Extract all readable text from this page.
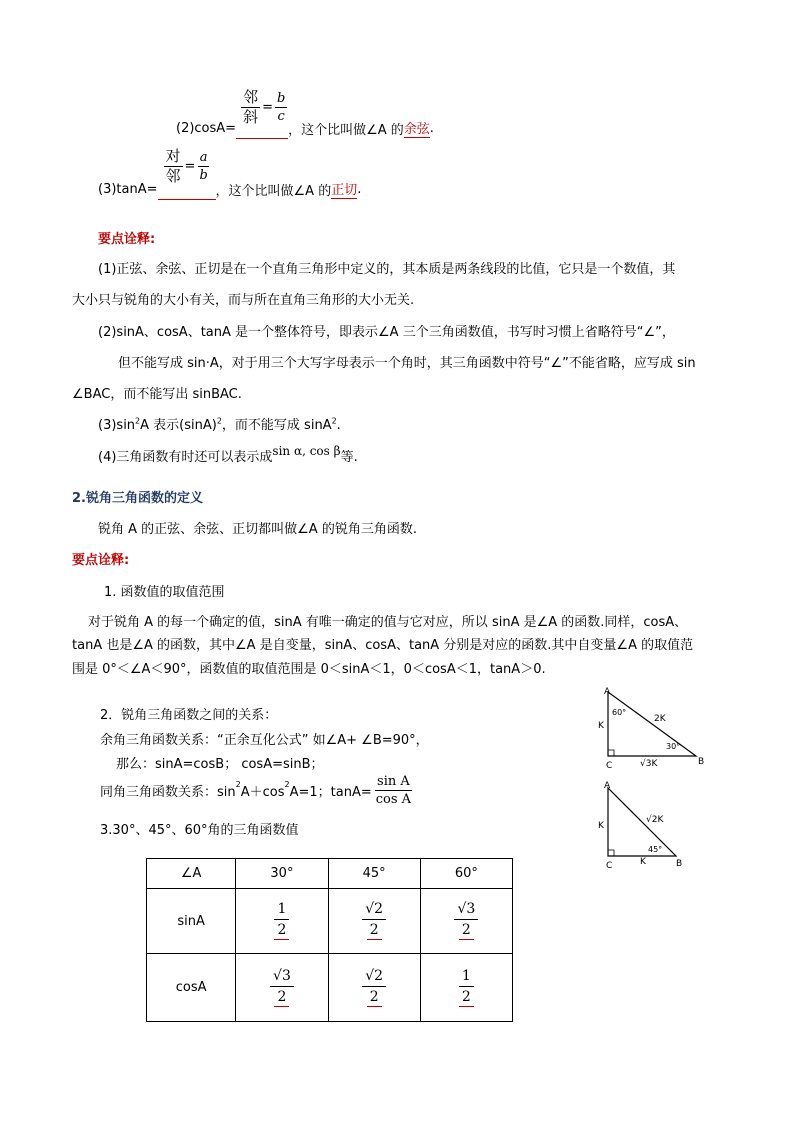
(2)cosA=
$\frac{\text{邻}}{\text{斜}} = \frac{b}{c}$
，这个比叫做∠A 的 余弦 .
(3)tanA=
$\frac{\text{对}}{\text{邻}} = \frac{a}{b}$
，这个比叫做∠A 的 正切 .
要点诠释:
(1)正弦、余弦、正切是在一个直角三角形中定义的，其本质是两条线段的比值，它只是一个数值，其
大小只与锐角的大小有关，而与所在直角三角形的大小无关.
(2)sinA、cosA、tanA 是一个整体符号，即表示∠A 三个三角函数值，书写时习惯上省略符号“∠”，
但不能写成 sin·A，对于用三个大写字母表示一个角时，其三角函数中符号“∠”不能省略，应写成 sin
∠BAC，而不能写出 sinBAC.
$(3)\sin^2A$ 表示$(\sin A)^2$，而不能写成 sinA$^2$.
(4)三角函数有时还可以表示成sin α, cos β等.
2.锐角三角函数的定义
锐角 A 的正弦、余弦、正切都叫做∠A 的锐角三角函数.
要点诠释:
1. 函数值的取值范围
对于锐角 A 的每一个确定的值，sinA 有唯一确定的值与它对应，所以 sinA 是∠A 的函数.同样，cosA、
tanA 也是∠A 的函数，其中∠A 是自变量，sinA、cosA、tanA 分别是对应的函数.其中自变量∠A 的取值范
围是 0°＜∠A＜90°，函数值的取值范围是 0＜sinA＜1，0＜cosA＜1，tanA＞0.
2．锐角三角函数之间的关系：
余角三角函数关系：“正余互化公式” 如∠A+ ∠B=90°，
那么：sinA=cosB； cosA=sinB；
同角三角函数关系：$\sin^2 A+\cos^2$ A=1；$\tan A= \frac{\text{sin A}}{\text{cos A}}$
3.30°、45°、60°角的三角函数值
A
C	B
60°
30°
2K
K
√3K
A
C	B
√2K
K
K
45°
∠A	30°	45°	60°
sinA	$\frac{1}{2}$	$\frac{√2}{2}$	$\frac{√3}{2}$

cosA	$\frac{√3}{2}$	$\frac{√2}{2}$	$\frac{1}{2}$
